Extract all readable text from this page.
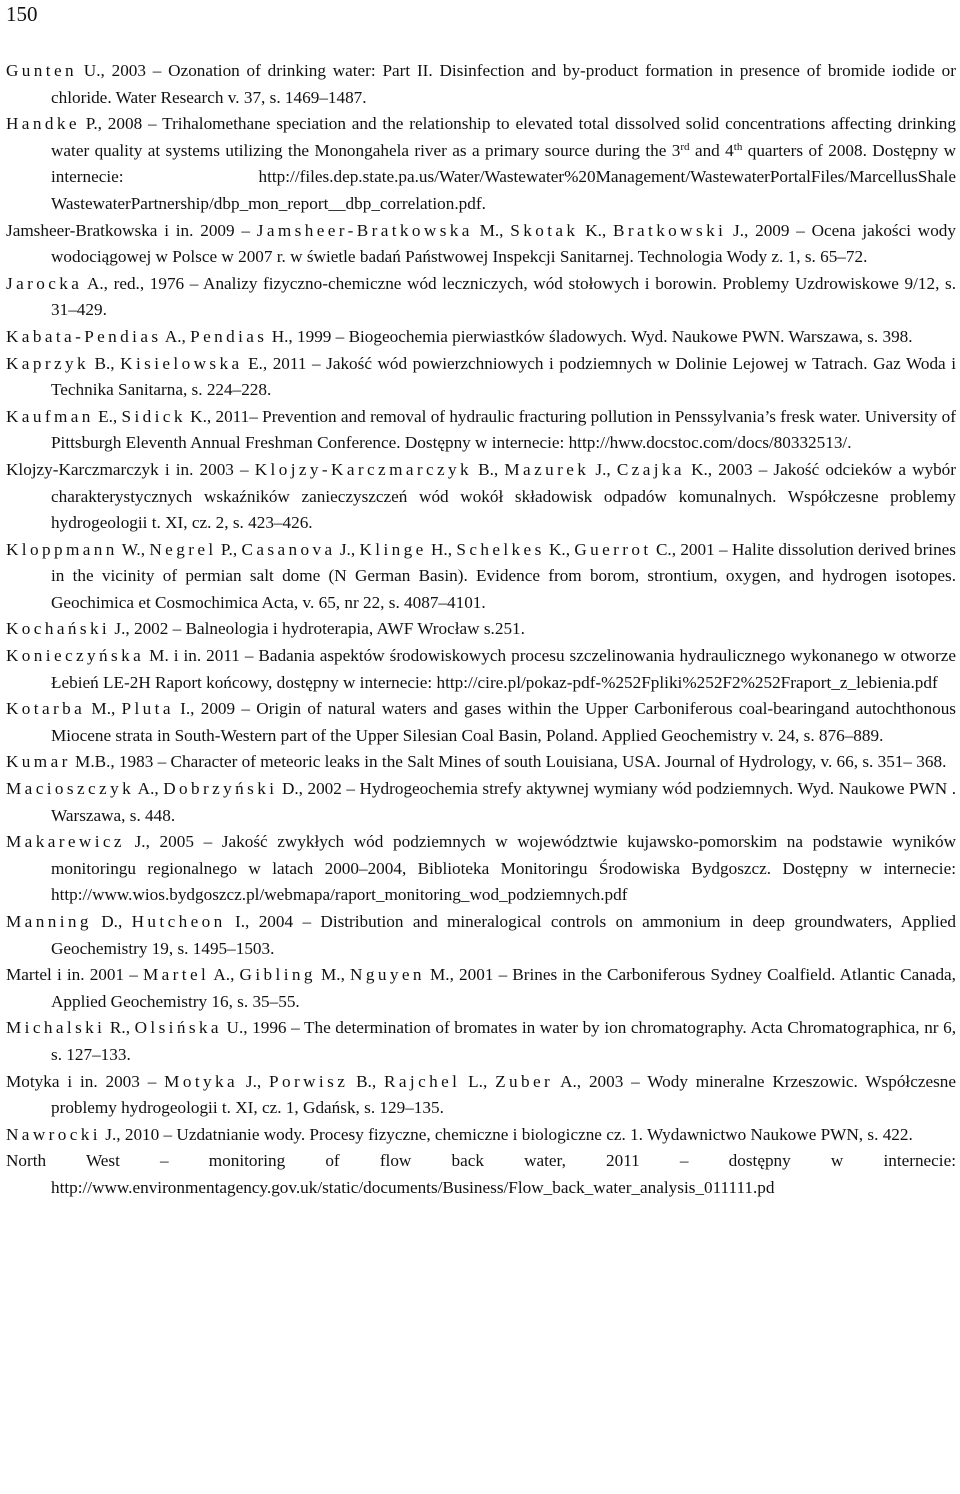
150

Gunten U., 2003 – Ozonation of drinking water: Part II. Disinfection and by-product formation in presence of bromide iodide or chloride. Water Research v. 37, s. 1469–1487.

Handke P., 2008 – Trihalomethane speciation and the relationship to elevated total dissolved solid concentrations affecting drinking water quality at systems utilizing the Monongahela river as a primary source during the 3rd and 4th quarters of 2008. Dostępny w internecie: http://files.dep.state.pa.us/Water/Wastewater%20Management/WastewaterPortalFiles/MarcellusShale WastewaterPartnership/dbp_mon_report__dbp_correlation.pdf.

Jamsheer-Bratkowska i in. 2009 – Jamsheer-Bratkowska M., Skotak K., Bratkowski J., 2009 – Ocena jakości wody wodociągowej w Polsce w 2007 r. w świetle badań Państwowej Inspekcji Sanitarnej. Technologia Wody z. 1, s. 65–72.

Jarocka A., red., 1976 – Analizy fizyczno-chemiczne wód leczniczych, wód stołowych i borowin. Problemy Uzdrowiskowe 9/12, s. 31–429.

Kabata-Pendias A., Pendias H., 1999 – Biogeochemia pierwiastków śladowych. Wyd. Naukowe PWN. Warszawa, s. 398.

Kaprzyk B., Kisielowska E., 2011 – Jakość wód powierzchniowych i podziemnych w Dolinie Lejowej w Tatrach. Gaz Woda i Technika Sanitarna, s. 224–228.

Kaufman E., Sidick K., 2011– Prevention and removal of hydraulic fracturing pollution in Penssylvania’s fresk water. University of Pittsburgh Eleventh Annual Freshman Conference. Dostępny w internecie: http://hww.docstoc.com/docs/80332513/.

Klojzy-Karczmarczyk i in. 2003 – Klojzy-Karczmarczyk B., Mazurek J., Czajka K., 2003 – Jakość odcieków a wybór charakterystycznych wskaźników zanieczyszczeń wód wokół składowisk odpadów komunalnych. Współczesne problemy hydrogeologii t. XI, cz. 2, s. 423–426.

Kloppmann W., Negrel P., Casanova J., Klinge H., Schelkes K., Guerrot C., 2001 – Halite dissolution derived brines in the vicinity of permian salt dome (N German Basin). Evidence from borom, strontium, oxygen, and hydrogen isotopes. Geochimica et Cosmochimica Acta, v. 65, nr 22, s. 4087–4101.

Kochański J., 2002 – Balneologia i hydroterapia, AWF Wrocław s.251.

Konieczyńska M. i in. 2011 – Badania aspektów środowiskowych procesu szczelinowania hydraulicznego wykonanego w otworze Łebień LE-2H Raport końcowy, dostępny w internecie: http://cire.pl/pokaz-pdf-%252Fpliki%252F2%252Fraport_z_lebienia.pdf

Kotarba M., Pluta I., 2009 – Origin of natural waters and gases within the Upper Carboniferous coal-bearingand autochthonous Miocene strata in South-Western part of the Upper Silesian Coal Basin, Poland. Applied Geochemistry v. 24, s. 876–889.

Kumar M.B., 1983 – Character of meteoric leaks in the Salt Mines of south Louisiana, USA. Journal of Hydrology, v. 66, s. 351– 368.

Macioszczyk A., Dobrzyński D., 2002 – Hydrogeochemia strefy aktywnej wymiany wód podziemnych. Wyd. Naukowe PWN . Warszawa, s. 448.

Makarewicz J., 2005 – Jakość zwykłych wód podziemnych w województwie kujawsko-pomorskim na podstawie wyników monitoringu regionalnego w latach 2000–2004, Biblioteka Monitoringu Środowiska Bydgoszcz. Dostępny w internecie: http://www.wios.bydgoszcz.pl/webmapa/raport_monitoring_wod_podziemnych.pdf

Manning D., Hutcheon I., 2004 – Distribution and mineralogical controls on ammonium in deep groundwaters, Applied Geochemistry 19, s. 1495–1503.

Martel i in. 2001 – Martel A., Gibling M., Nguyen M., 2001 – Brines in the Carboniferous Sydney Coalfield. Atlantic Canada, Applied Geochemistry 16, s. 35–55.

Michalski R., Olsińska U., 1996 – The determination of bromates in water by ion chromatography. Acta Chromatographica, nr 6, s. 127–133.

Motyka i in. 2003 – Motyka J., Porwisz B., Rajchel L., Zuber A., 2003 – Wody mineralne Krzeszowic. Współczesne problemy hydrogeologii t. XI, cz. 1, Gdańsk, s. 129–135.

Nawrocki J., 2010 – Uzdatnianie wody. Procesy fizyczne, chemiczne i biologiczne cz. 1. Wydawnictwo Naukowe PWN, s. 422.

North West – monitoring of flow back water, 2011 – dostępny w internecie: http://www.environmentagency.gov.uk/static/documents/Business/Flow_back_water_analysis_011111.pd
